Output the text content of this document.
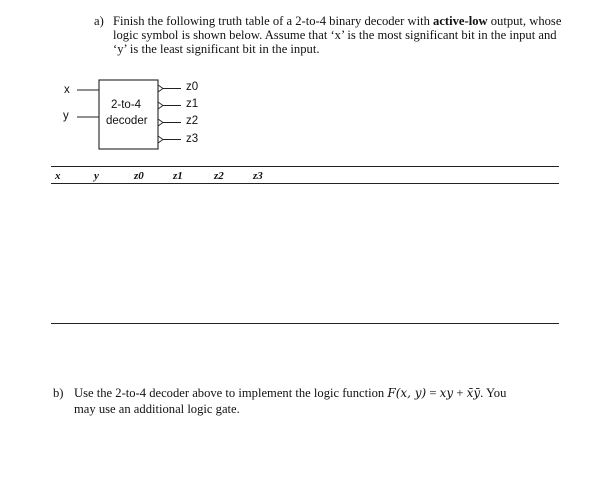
a) Finish the following truth table of a 2-to-4 binary decoder with active-low output, whose logic symbol is shown below. Assume that ‘x’ is the most significant bit in the input and ‘y’ is the least significant bit in the input.
x
y
2-to-4
decoder
z0
z1
z2
z3
x	y	z0	z1	z2	z3
b) Use the 2-to-4 decoder above to implement the logic function F(x, y) = xy + x̄ȳ. You
may use an additional logic gate.
